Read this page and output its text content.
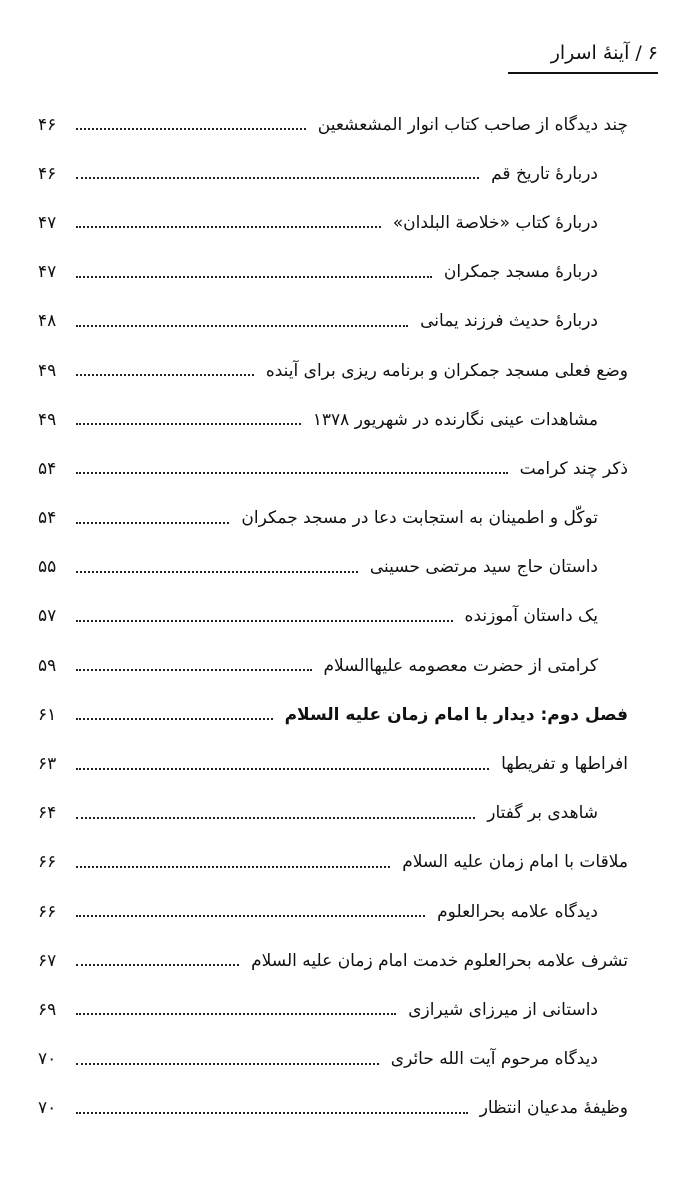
۶/آینهٔ اسرار
چند دیدگاه از صاحب کتاب انوار المشعشعین
۴۶
دربارهٔ تاریخ قم
۴۶
دربارهٔ کتاب «خلاصة البلدان»
۴۷
دربارهٔ مسجد جمکران
۴۷
دربارهٔ حدیث فرزند یمانی
۴۸
وضع فعلی مسجد جمکران و برنامه ریزی برای آینده
۴۹
مشاهدات عینی نگارنده در شهریور ۱۳۷۸
۴۹
ذکر چند کرامت
۵۴
توکّل و اطمینان به استجابت دعا در مسجد جمکران
۵۴
داستان حاج سید مرتضی حسینی
۵۵
یک داستان آموزنده
۵۷
کرامتی از حضرت معصومه علیهاالسلام
۵۹
فصل دوم: دیدار با امام زمان علیه السلام
۶۱
افراطها و تفریطها
۶۳
شاهدی بر گفتار
۶۴
ملاقات با امام زمان علیه السلام
۶۶
دیدگاه علامه بحرالعلوم
۶۶
تشرف علامه بحرالعلوم خدمت امام زمان علیه السلام
۶۷
داستانی از میرزای شیرازی
۶۹
دیدگاه مرحوم آیت الله حائری
۷۰
وظیفهٔ مدعیان انتظار
۷۰
